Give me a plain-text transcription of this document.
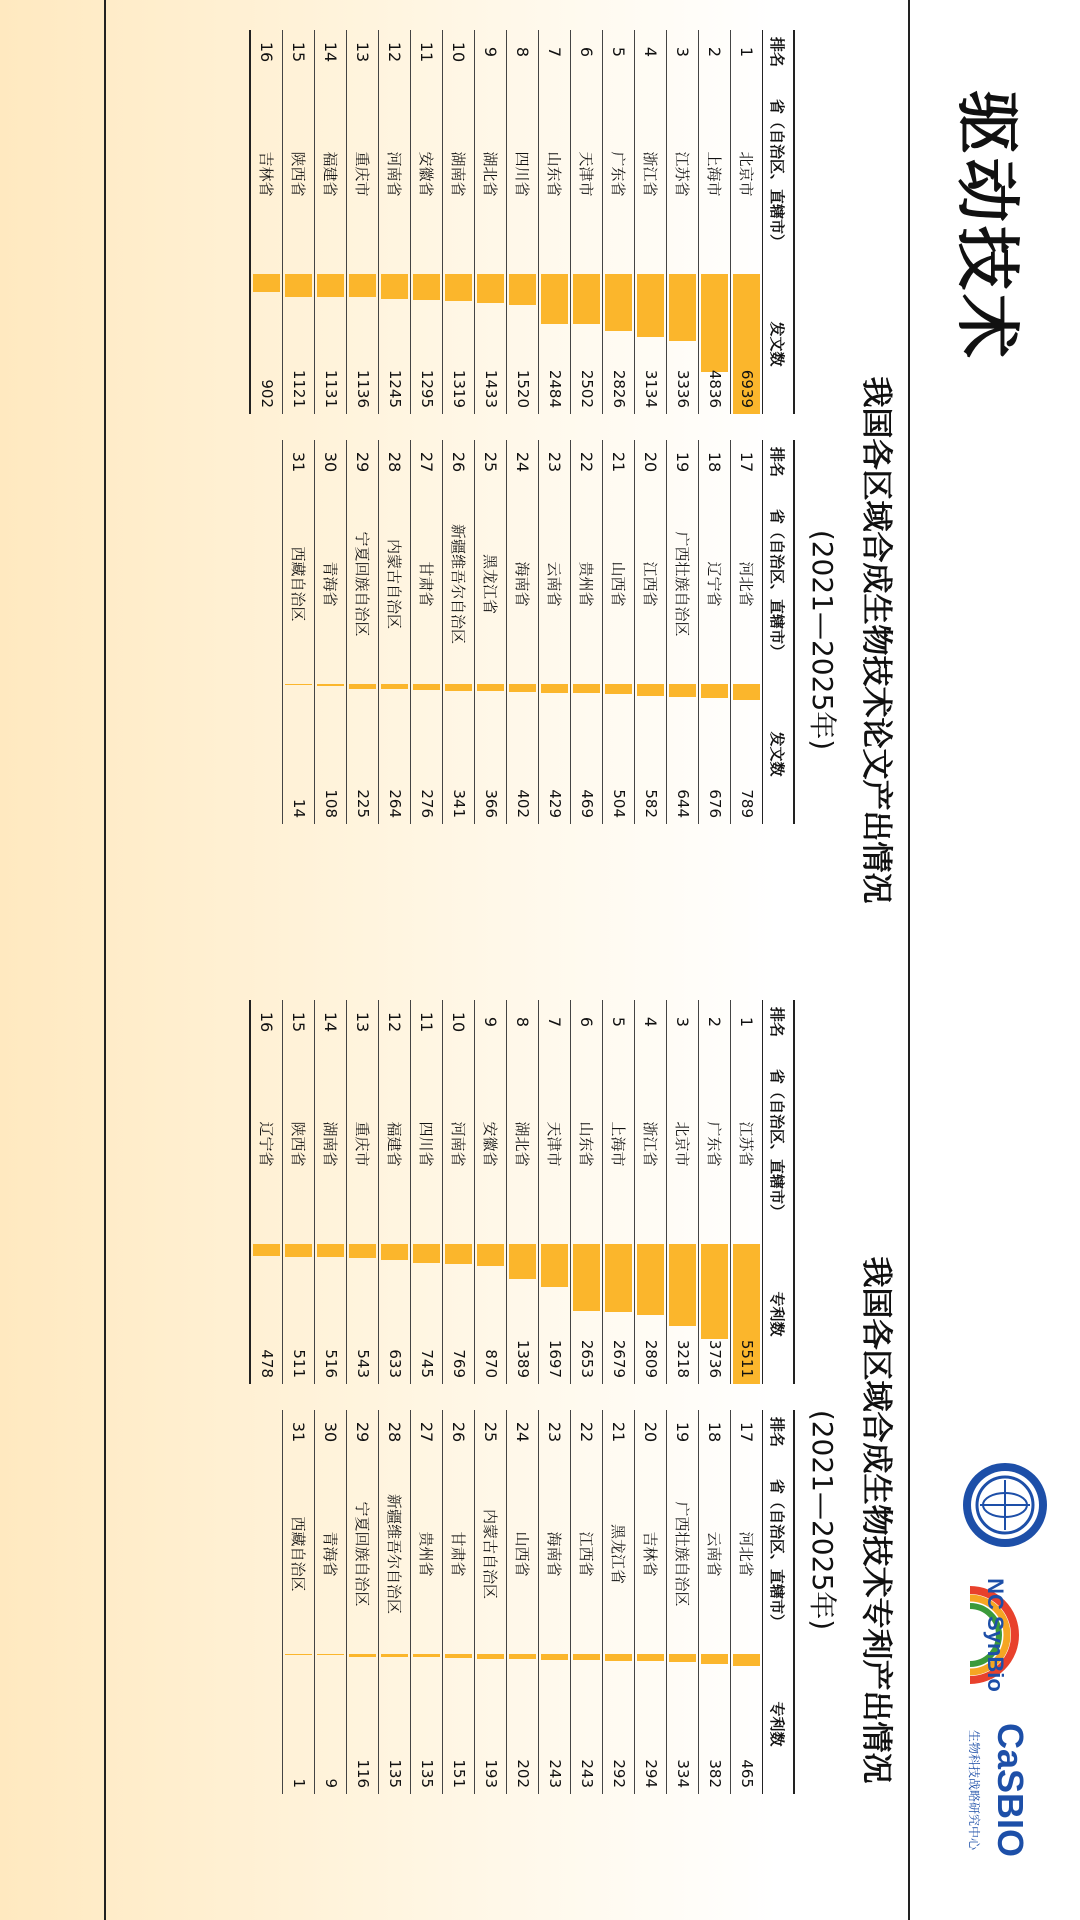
驱动技术
NC SynBio
CaSBIO
生物科技战略研究中心
我国各区域合成生物技术论文产出情况
(2021—2025年)
我国各区域合成生物技术专利产出情况
(2021—2025年)
排名	省（自治区、直辖市）	发文数		排名	省（自治区、直辖市）	发文数
1	北京市	6939		17	河北省	789

2	上海市	4836		18	辽宁省	676

3	江苏省	3336		19	广西壮族自治区	644

4	浙江省	3134		20	江西省	582

5	广东省	2826		21	山西省	504

6	天津市	2502		22	贵州省	469

7	山东省	2484		23	云南省	429

8	四川省	1520		24	海南省	402

9	湖北省	1433		25	黑龙江省	366

10	湖南省	1319		26	新疆维吾尔自治区	341

11	安徽省	1295		27	甘肃省	276

12	河南省	1245		28	内蒙古自治区	264

13	重庆市	1136		29	宁夏回族自治区	225

14	福建省	1131		30	青海省	108

15	陕西省	1121		31	西藏自治区	14

16	吉林省	902				

排名	省（自治区、直辖市）	专利数		排名	省（自治区、直辖市）	专利数
1	江苏省	5511		17	河北省	465

2	广东省	3736		18	云南省	382

3	北京市	3218		19	广西壮族自治区	334

4	浙江省	2809		20	吉林省	294

5	上海市	2679		21	黑龙江省	292

6	山东省	2653		22	江西省	243

7	天津市	1697		23	海南省	243

8	湖北省	1389		24	山西省	202

9	安徽省	870		25	内蒙古自治区	193

10	河南省	769		26	甘肃省	151

11	四川省	745		27	贵州省	135

12	福建省	633		28	新疆维吾尔自治区	135

13	重庆市	543		29	宁夏回族自治区	116

14	湖南省	516		30	青海省	9

15	陕西省	511		31	西藏自治区	1

16	辽宁省	478				
